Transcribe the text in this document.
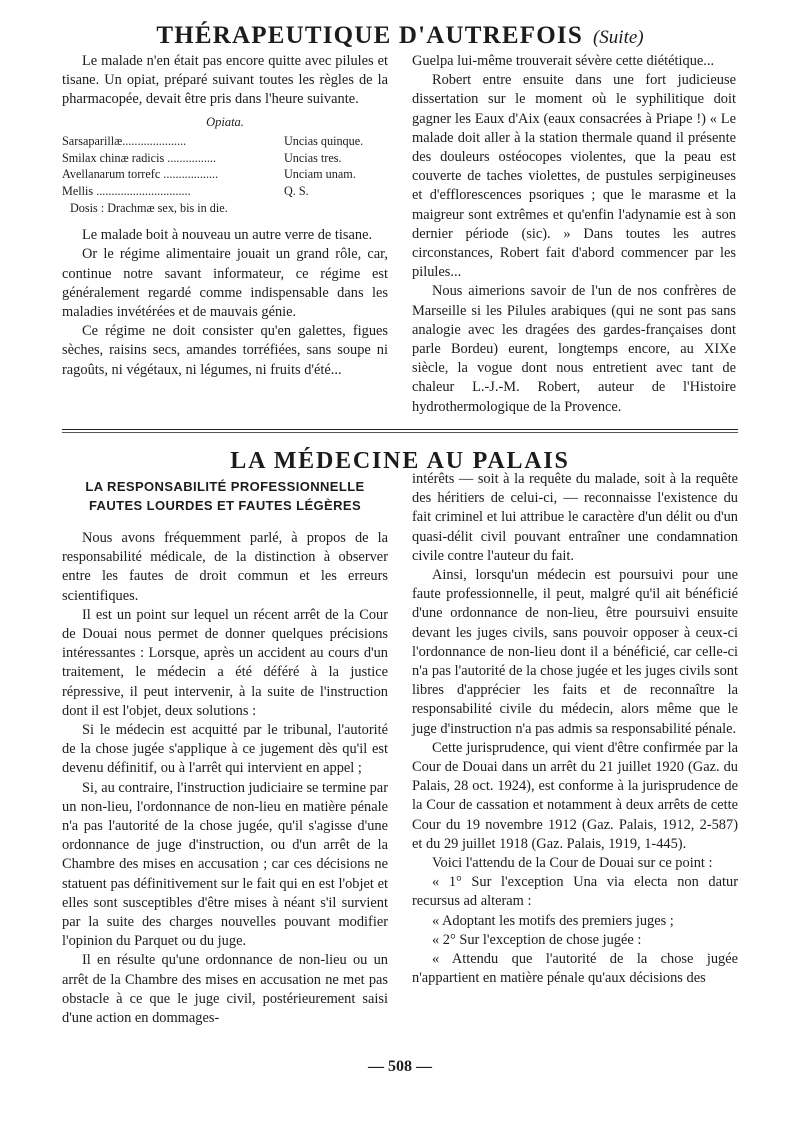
THÉRAPEUTIQUE D'AUTREFOIS (Suite)

Le malade n'en était pas encore quitte avec pilules et tisane. Un opiat, préparé suivant toutes les règles de la pharmacopée, devait être pris dans l'heure suivante.

Opiata.
Sarsaparillæ.....................	Uncias quinque.
Smilax chinæ radicis ................	Uncias tres.
Avellanarum torrefc ..................	Unciam unam.
Mellis ...............................	Q. S.
Dosis : Drachmæ sex, bis in die.

Le malade boit à nouveau un autre verre de tisane.

Or le régime alimentaire jouait un grand rôle, car, continue notre savant informateur, ce régime est généralement regardé comme indispensable dans les maladies invétérées et de mauvais génie.

Ce régime ne doit consister qu'en galettes, figues sèches, raisins secs, amandes torréfiées, sans soupe ni ragoûts, ni végétaux, ni légumes, ni fruits d'été...

Guelpa lui-même trouverait sévère cette diététique...

Robert entre ensuite dans une fort judicieuse dissertation sur le moment où le syphilitique doit gagner les Eaux d'Aix (eaux consacrées à Priape !) « Le malade doit aller à la station thermale quand il présente des douleurs ostéocopes violentes, que la peau est couverte de taches violettes, de pustules serpigineuses et d'efflorescences psoriques ; que le marasme et la maigreur sont extrêmes et qu'enfin l'adynamie est à son dernier période (sic). » Dans toutes les autres circonstances, Robert fait d'abord commencer par les pilules...

Nous aimerions savoir de l'un de nos confrères de Marseille si les Pilules arabiques (qui ne sont pas sans analogie avec les dragées des gardes-françaises dont parle Bordeu) eurent, longtemps encore, au XIXe siècle, la vogue dont nous entretient avec tant de chaleur L.-J.-M. Robert, auteur de l'Histoire hydrothermologique de la Provence.

LA MÉDECINE AU PALAIS
LA RESPONSABILITÉ PROFESSIONNELLE
FAUTES LOURDES ET FAUTES LÉGÈRES

Nous avons fréquemment parlé, à propos de la responsabilité médicale, de la distinction à observer entre les fautes de droit commun et les erreurs scientifiques.

Il est un point sur lequel un récent arrêt de la Cour de Douai nous permet de donner quelques précisions intéressantes : Lorsque, après un accident au cours d'un traitement, le médecin a été déféré à la justice répressive, il peut intervenir, à la suite de l'instruction dont il est l'objet, deux solutions :

Si le médecin est acquitté par le tribunal, l'autorité de la chose jugée s'applique à ce jugement dès qu'il est devenu définitif, ou à l'arrêt qui intervient en appel ;

Si, au contraire, l'instruction judiciaire se termine par un non-lieu, l'ordonnance de non-lieu en matière pénale n'a pas l'autorité de la chose jugée, qu'il s'agisse d'une ordonnance de juge d'instruction, ou d'un arrêt de la Chambre des mises en accusation ; car ces décisions ne statuent pas définitivement sur le fait qui en est l'objet et elles sont susceptibles d'être mises à néant s'il survient par la suite des charges nouvelles pouvant modifier l'opinion du Parquet ou du juge.

Il en résulte qu'une ordonnance de non-lieu ou un arrêt de la Chambre des mises en accusation ne met pas obstacle à ce que le juge civil, postérieurement saisi d'une action en dommages-

intérêts — soit à la requête du malade, soit à la requête des héritiers de celui-ci, — reconnaisse l'existence du fait criminel et lui attribue le caractère d'un délit ou d'un quasi-délit civil pouvant entraîner une condamnation civile contre l'auteur du fait.

Ainsi, lorsqu'un médecin est poursuivi pour une faute professionnelle, il peut, malgré qu'il ait bénéficié d'une ordonnance de non-lieu, être poursuivi ensuite devant les juges civils, sans pouvoir opposer à ceux-ci l'ordonnance de non-lieu dont il a bénéficié, car celle-ci n'a pas l'autorité de la chose jugée et les juges civils sont libres d'apprécier les faits et de reconnaître la responsabilité civile du médecin, alors même que le juge d'instruction n'a pas admis sa responsabilité pénale.

Cette jurisprudence, qui vient d'être confirmée par la Cour de Douai dans un arrêt du 21 juillet 1920 (Gaz. du Palais, 28 oct. 1924), est conforme à la jurisprudence de la Cour de cassation et notamment à deux arrêts de cette Cour du 19 novembre 1912 (Gaz. Palais, 1912, 2-587) et du 29 juillet 1918 (Gaz. Palais, 1919, 1-445).

Voici l'attendu de la Cour de Douai sur ce point :

« 1° Sur l'exception Una via electa non datur recursus ad alteram :

« Adoptant les motifs des premiers juges ;

« 2° Sur l'exception de chose jugée :

« Attendu que l'autorité de la chose jugée n'appartient en matière pénale qu'aux décisions des

— 508 —
